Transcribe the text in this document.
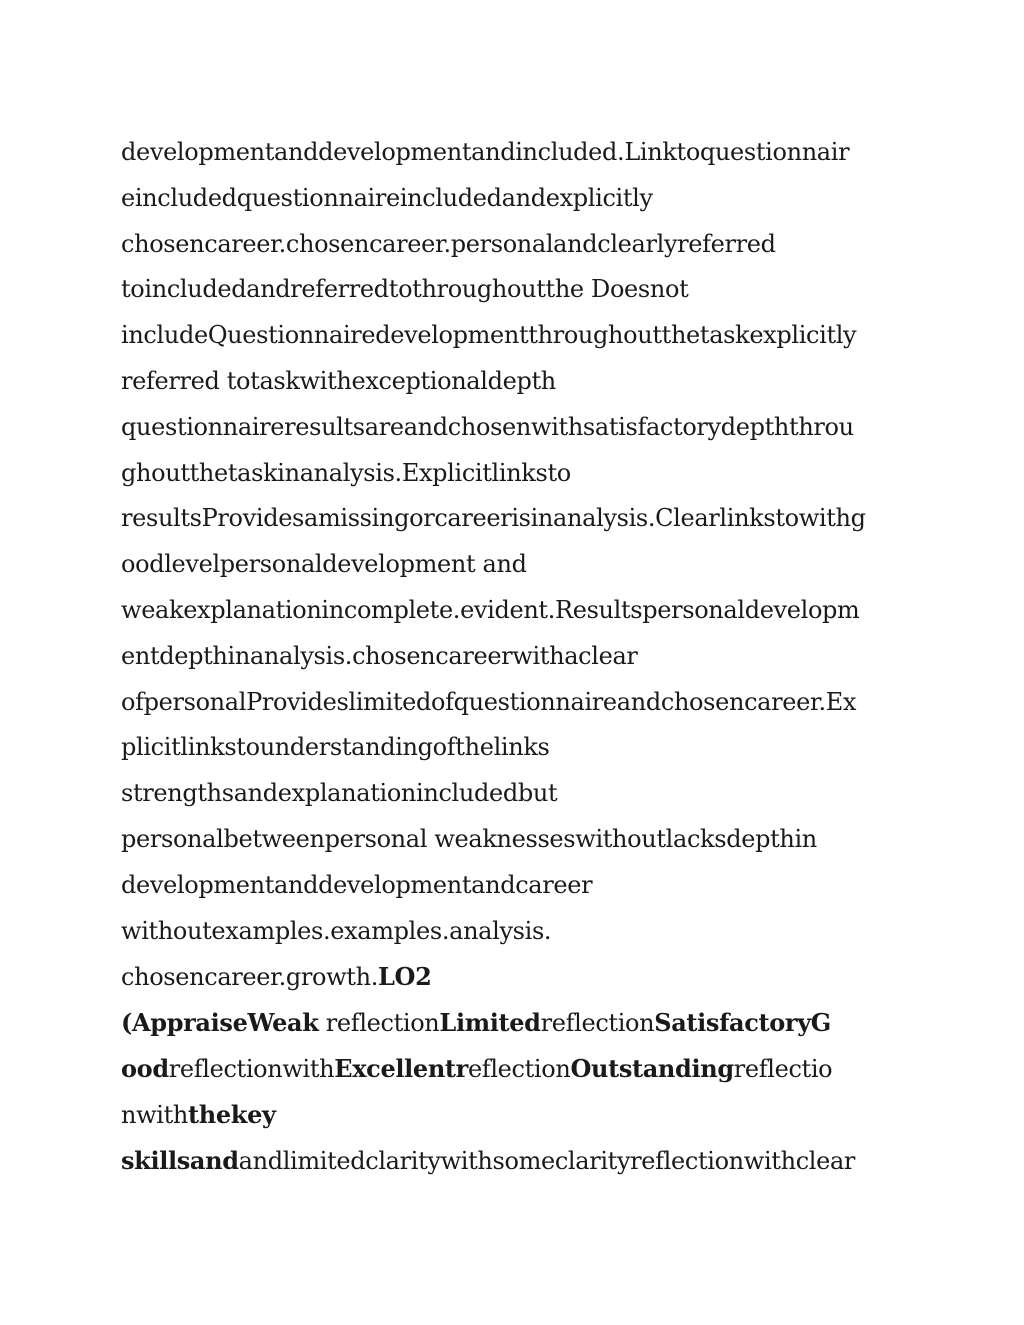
developmentanddevelopmentandincluded.Linktoquestionnair
eincludedquestionnaireincludedandexplicitly
chosencareer.chosencareer.personalandclearlyreferred
toincludedandreferredtothroughoutthe Doesnot
includeQuestionnairedevelopmentthroughoutthetaskexplicitly
referred totaskwithexceptionaldepth
questionnaireresultsareandchosenwithsatisfactorydepththrou
ghoutthetaskinanalysis.Explicitlinksto
resultsProvidesamissingorcareerisinanalysis.Clearlinkstowithg
oodlevelpersonaldevelopment and
weakexplanationincomplete.evident.Resultspersonaldevelopm
entdepthinanalysis.chosencareerwithaclear
ofpersonalProvideslimitedofquestionnaireandchosencareer.Ex
plicitlinkstounderstandingofthelinks
strengthsandexplanationincludedbut
personalbetweenpersonal weaknesseswithoutlacksdepthin
developmentanddevelopmentandcareer
withoutexamples.examples.analysis.
chosencareer.growth.LO2
(AppraiseWeak reflectionLimitedreflectionSatisfactoryG
oodreflectionwithExcellentreflectionOutstandingreflectio
nwiththekey
skillsandandlimitedclaritywithsomeclarityreflectionwithclear
